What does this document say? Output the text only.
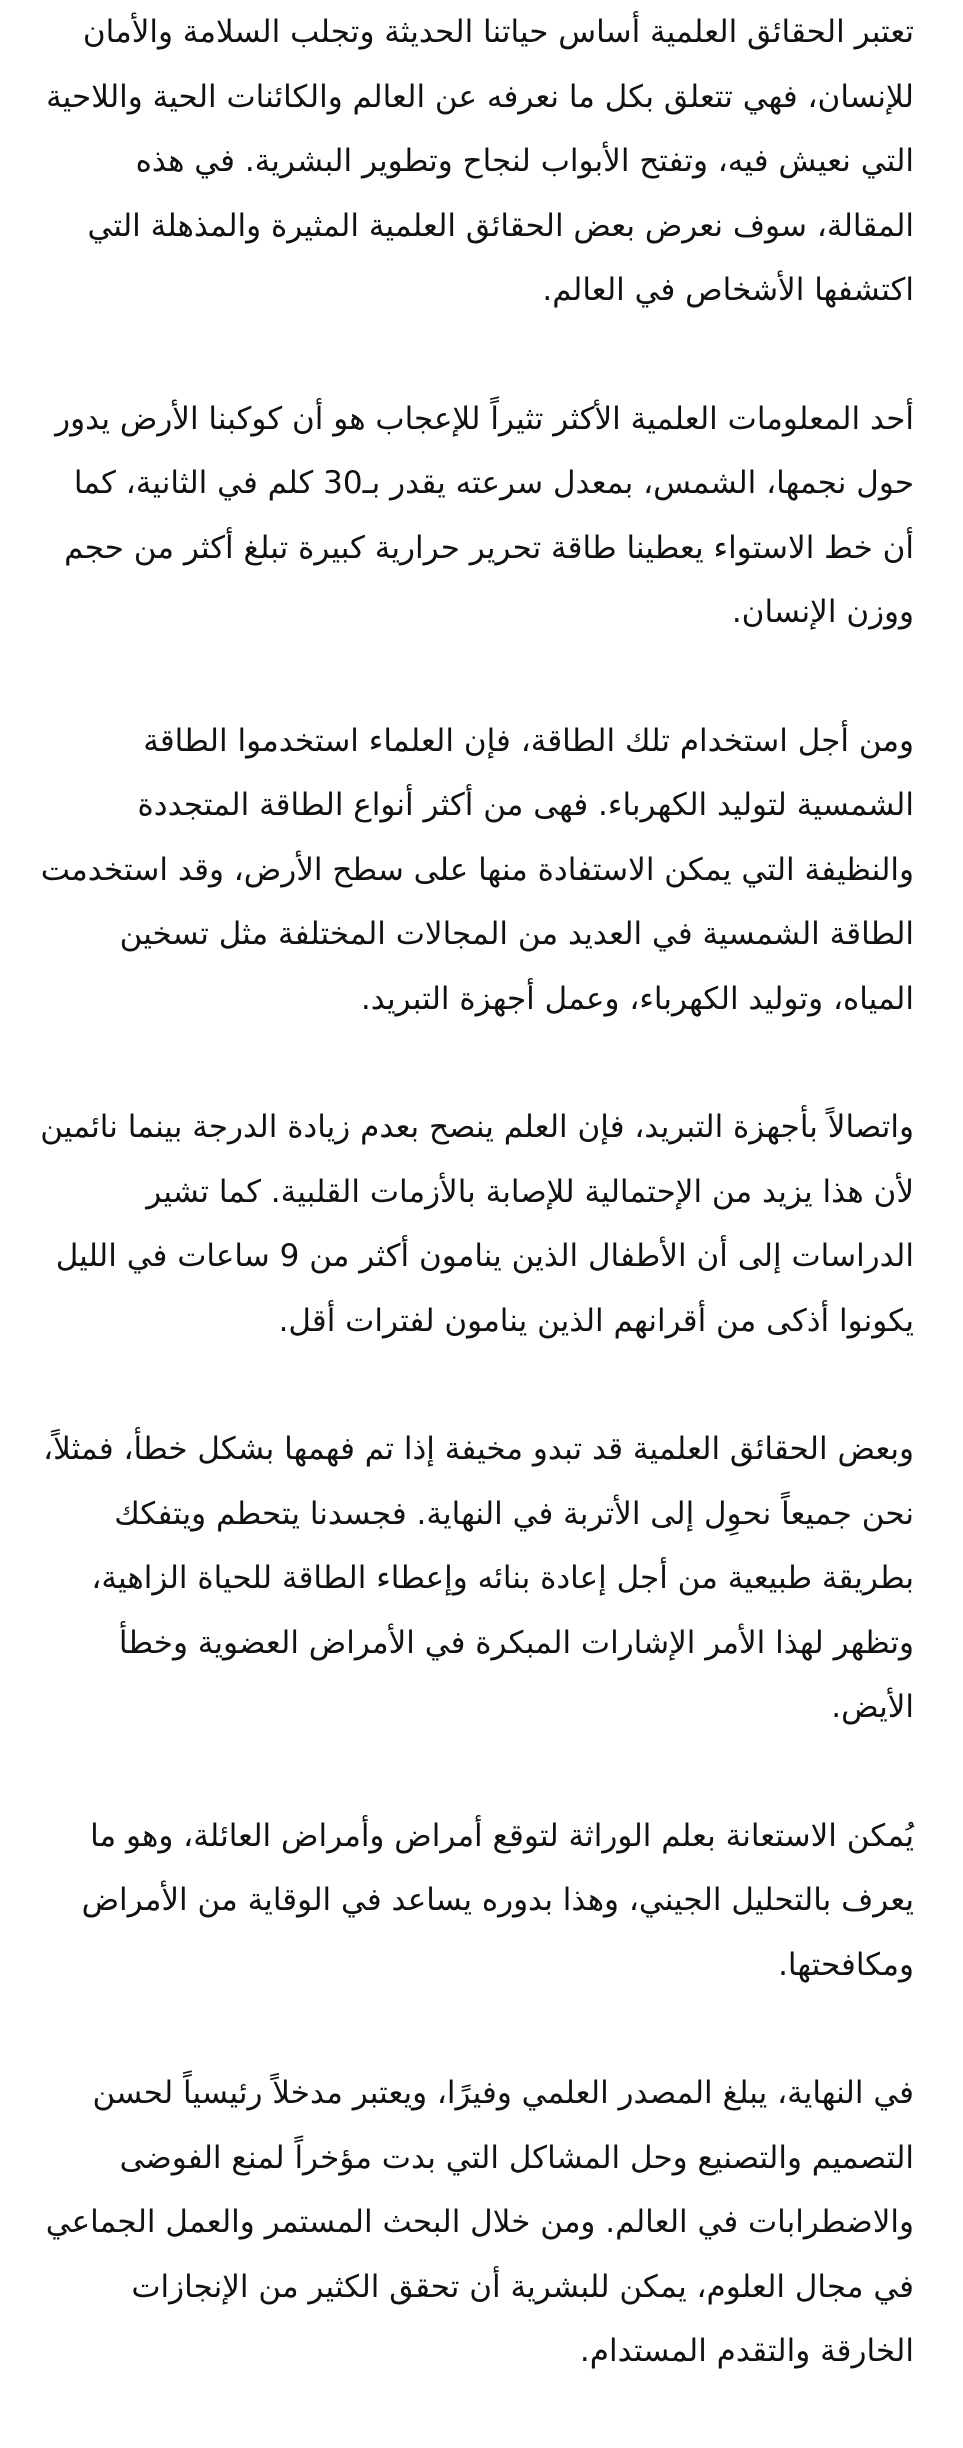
تعتبر الحقائق العلمية أساس حياتنا الحديثة وتجلب السلامة والأمان للإنسان، فهي تتعلق بكل ما نعرفه عن العالم والكائنات الحية واللاحية التي نعيش فيه، وتفتح الأبواب لنجاح وتطوير البشرية. في هذه المقالة، سوف نعرض بعض الحقائق العلمية المثيرة والمذهلة التي اكتشفها الأشخاص في العالم.

أحد المعلومات العلمية الأكثر تثيراً للإعجاب هو أن كوكبنا الأرض يدور حول نجمها، الشمس، بمعدل سرعته يقدر بـ30 كلم في الثانية، كما أن خط الاستواء يعطينا طاقة تحرير حرارية كبيرة تبلغ أكثر من حجم ووزن الإنسان.

ومن أجل استخدام تلك الطاقة، فإن العلماء استخدموا الطاقة الشمسية لتوليد الكهرباء. فهى من أكثر أنواع الطاقة المتجددة والنظيفة التي يمكن الاستفادة منها على سطح الأرض، وقد استخدمت الطاقة الشمسية في العديد من المجالات المختلفة مثل تسخين المياه، وتوليد الكهرباء، وعمل أجهزة التبريد.

واتصالاً بأجهزة التبريد، فإن العلم ينصح بعدم زيادة الدرجة بينما نائمين لأن هذا يزيد من الإحتمالية للإصابة بالأزمات القلبية. كما تشير الدراسات إلى أن الأطفال الذين ينامون أكثر من 9 ساعات في الليل يكونوا أذكى من أقرانهم الذين ينامون لفترات أقل.

وبعض الحقائق العلمية قد تبدو مخيفة إذا تم فهمها بشكل خطأ، فمثلاً، نحن جميعاً نحوِل إلى الأتربة في النهاية. فجسدنا يتحطم ويتفكك بطريقة طبيعية من أجل إعادة بنائه وإعطاء الطاقة للحياة الزاهية، وتظهر لهذا الأمر الإشارات المبكرة في الأمراض العضوية وخطأ الأيض.

يُمكن الاستعانة بعلم الوراثة لتوقع أمراض وأمراض العائلة، وهو ما يعرف بالتحليل الجيني، وهذا بدوره يساعد في الوقاية من الأمراض ومكافحتها.

في النهاية، يبلغ المصدر العلمي وفيرًا، ويعتبر مدخلاً رئيسياً لحسن التصميم والتصنيع وحل المشاكل التي بدت مؤخراً لمنع الفوضى والاضطرابات في العالم. ومن خلال البحث المستمر والعمل الجماعي في مجال العلوم، يمكن للبشرية أن تحقق الكثير من الإنجازات الخارقة والتقدم المستدام.
